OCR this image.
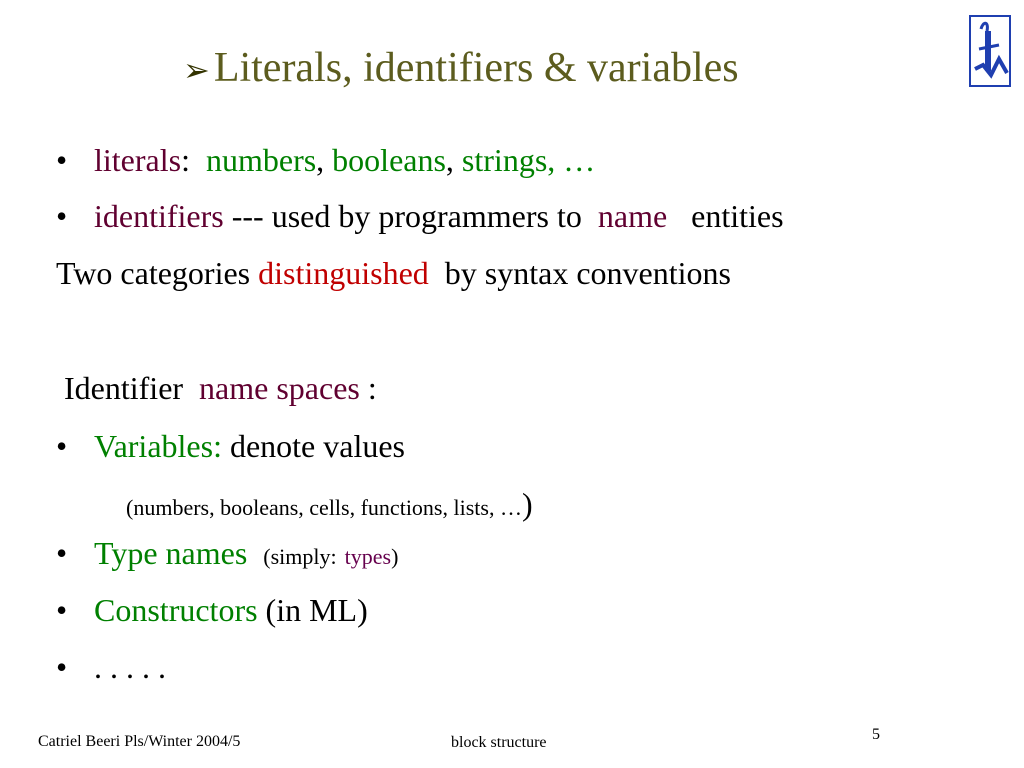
➢Literals, identifiers & variables
• literals: numbers, booleans, strings, …
• identifiers --- used by programmers to name entities
Two categories distinguished by syntax conventions
Identifier name spaces :
• Variables: denote values
(numbers, booleans, cells, functions, lists, …)
• Type names (simply: types)
• Constructors (in ML)
• . . . . .
Catriel Beeri Pls/Winter 2004/5	block structure	5
